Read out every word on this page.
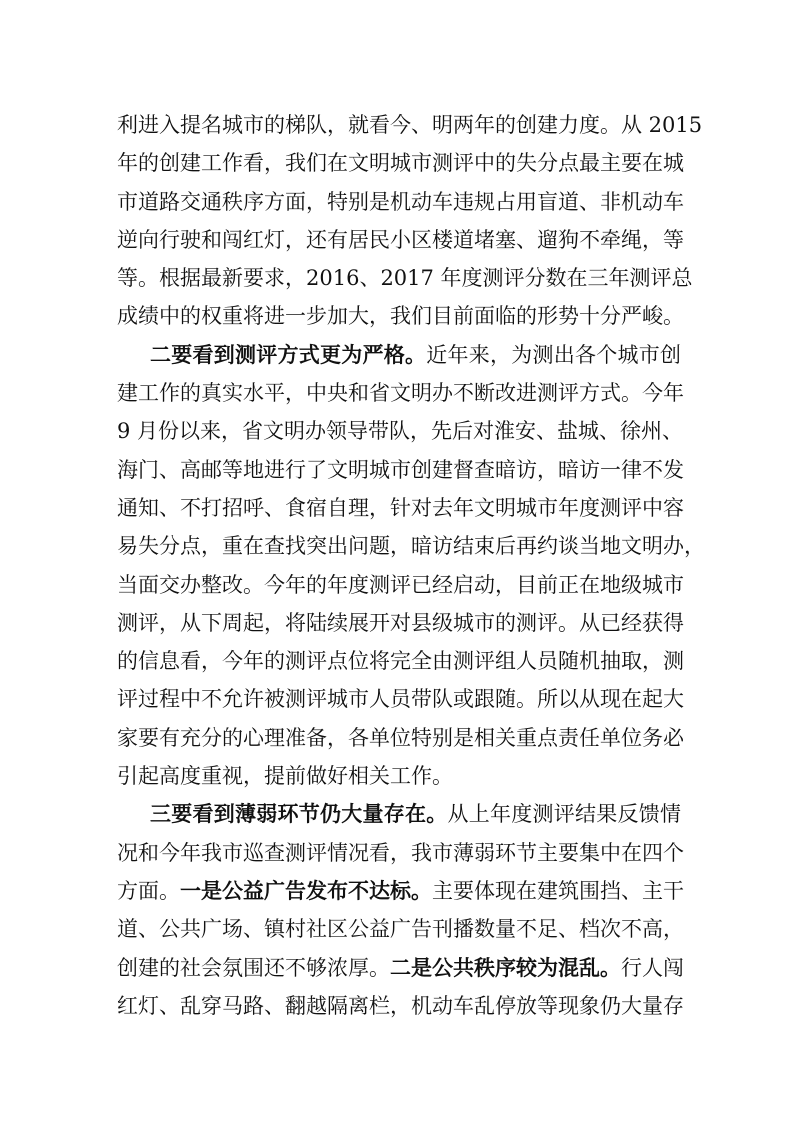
利进入提名城市的梯队，就看今、明两年的创建力度。从 2015
年的创建工作看，我们在文明城市测评中的失分点最主要在城
市道路交通秩序方面，特别是机动车违规占用盲道、非机动车
逆向行驶和闯红灯，还有居民小区楼道堵塞、遛狗不牵绳，等
等。根据最新要求，2016、2017 年度测评分数在三年测评总
成绩中的权重将进一步加大，我们目前面临的形势十分严峻。
二要看到测评方式更为严格。近年来，为测出各个城市创
建工作的真实水平，中央和省文明办不断改进测评方式。今年
9 月份以来，省文明办领导带队，先后对淮安、盐城、徐州、
海门、高邮等地进行了文明城市创建督查暗访，暗访一律不发
通知、不打招呼、食宿自理，针对去年文明城市年度测评中容
易失分点，重在查找突出问题，暗访结束后再约谈当地文明办，
当面交办整改。今年的年度测评已经启动，目前正在地级城市
测评，从下周起，将陆续展开对县级城市的测评。从已经获得
的信息看，今年的测评点位将完全由测评组人员随机抽取，测
评过程中不允许被测评城市人员带队或跟随。所以从现在起大
家要有充分的心理准备，各单位特别是相关重点责任单位务必
引起高度重视，提前做好相关工作。
三要看到薄弱环节仍大量存在。从上年度测评结果反馈情
况和今年我市巡查测评情况看，我市薄弱环节主要集中在四个
方面。一是公益广告发布不达标。主要体现在建筑围挡、主干
道、公共广场、镇村社区公益广告刊播数量不足、档次不高，
创建的社会氛围还不够浓厚。二是公共秩序较为混乱。行人闯
红灯、乱穿马路、翻越隔离栏，机动车乱停放等现象仍大量存
